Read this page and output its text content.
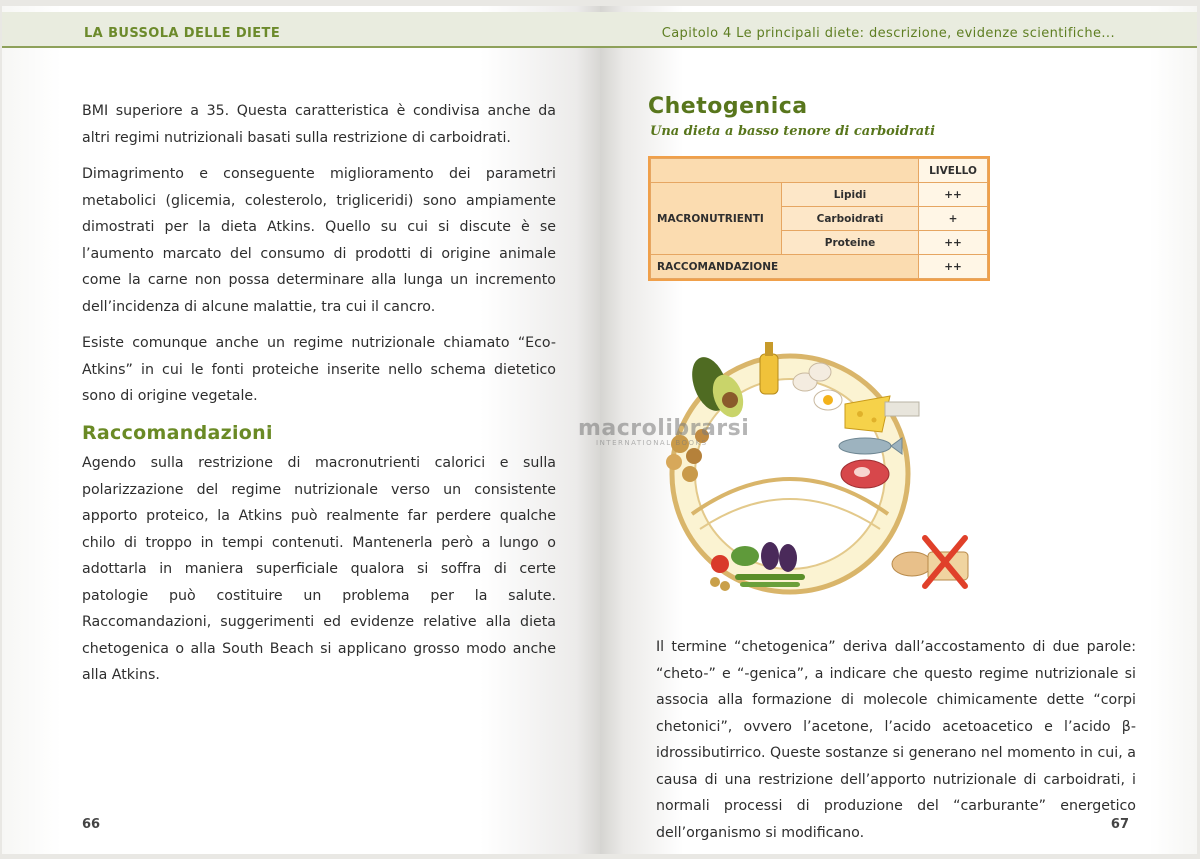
LA BUSSOLA DELLE DIETE

BMI superiore a 35. Questa caratteristica è condivisa anche da altri regimi nutrizionali basati sulla restrizione di carboidrati.

Dimagrimento e conseguente miglioramento dei parametri metabolici (glicemia, colesterolo, trigliceridi) sono ampiamente dimostrati per la dieta Atkins. Quello su cui si discute è se l’aumento marcato del consumo di prodotti di origine animale come la carne non possa determinare alla lunga un incremento dell’incidenza di alcune malattie, tra cui il cancro.

Esiste comunque anche un regime nutrizionale chiamato “Eco-Atkins” in cui le fonti proteiche inserite nello schema dietetico sono di origine vegetale.

Raccomandazioni

Agendo sulla restrizione di macronutrienti calorici e sulla polarizzazione del regime nutrizionale verso un consistente apporto proteico, la Atkins può realmente far perdere qualche chilo di troppo in tempi contenuti. Mantenerla però a lungo o adottarla in maniera superficiale qualora si soffra di certe patologie può costituire un problema per la salute. Raccomandazioni, suggerimenti ed evidenze relative alla dieta chetogenica o alla South Beach si applicano grosso modo anche alla Atkins.

66
Capitolo 4 Le principali diete: descrizione, evidenze scientifiche...
Chetogenica
Una dieta a basso tenore di carboidrati
		LIVELLO
MACRONUTRIENTI	Lipidi	++
	Carboidrati	+
	Proteine	++
RACCOMANDAZIONE		++
macrolibrarsi
INTERNATIONAL BOOKS

Il termine “chetogenica” deriva dall’accostamento di due parole: “cheto-” e “-genica”, a indicare che questo regime nutrizionale si associa alla formazione di molecole chimicamente dette “corpi chetonici”, ovvero l’acetone, l’acido acetoacetico e l’acido β-idrossibutirrico. Queste sostanze si generano nel momento in cui, a causa di una restrizione dell’apporto nutrizionale di carboidrati, i normali processi di produzione del “carburante” energetico dell’organismo si modificano.	67
